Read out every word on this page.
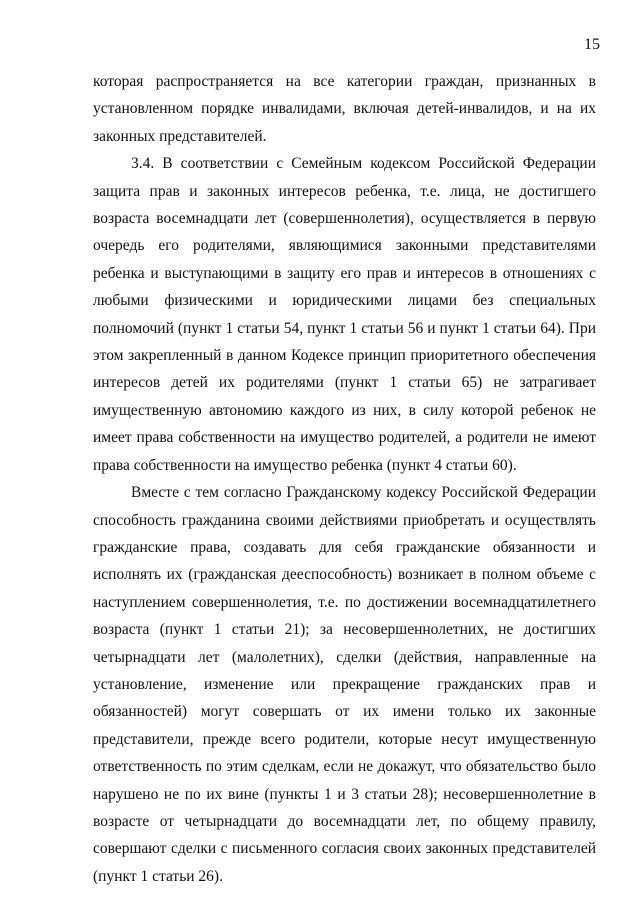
15

которая распространяется на все категории граждан, признанных в установленном порядке инвалидами, включая детей-инвалидов, и на их законных представителей.

3.4. В соответствии с Семейным кодексом Российской Федерации защита прав и законных интересов ребенка, т.е. лица, не достигшего возраста восемнадцати лет (совершеннолетия), осуществляется в первую очередь его родителями, являющимися законными представителями ребенка и выступающими в защиту его прав и интересов в отношениях с любыми физическими и юридическими лицами без специальных полномочий (пункт 1 статьи 54, пункт 1 статьи 56 и пункт 1 статьи 64). При этом закрепленный в данном Кодексе принцип приоритетного обеспечения интересов детей их родителями (пункт 1 статьи 65) не затрагивает имущественную автономию каждого из них, в силу которой ребенок не имеет права собственности на имущество родителей, а родители не имеют права собственности на имущество ребенка (пункт 4 статьи 60).

Вместе с тем согласно Гражданскому кодексу Российской Федерации способность гражданина своими действиями приобретать и осуществлять гражданские права, создавать для себя гражданские обязанности и исполнять их (гражданская дееспособность) возникает в полном объеме с наступлением совершеннолетия, т.е. по достижении восемнадцатилетнего возраста (пункт 1 статьи 21); за несовершеннолетних, не достигших четырнадцати лет (малолетних), сделки (действия, направленные на установление, изменение или прекращение гражданских прав и обязанностей) могут совершать от их имени только их законные представители, прежде всего родители, которые несут имущественную ответственность по этим сделкам, если не докажут, что обязательство было нарушено не по их вине (пункты 1 и 3 статьи 28); несовершеннолетние в возрасте от четырнадцати до восемнадцати лет, по общему правилу, совершают сделки с письменного согласия своих законных представителей (пункт 1 статьи 26).
